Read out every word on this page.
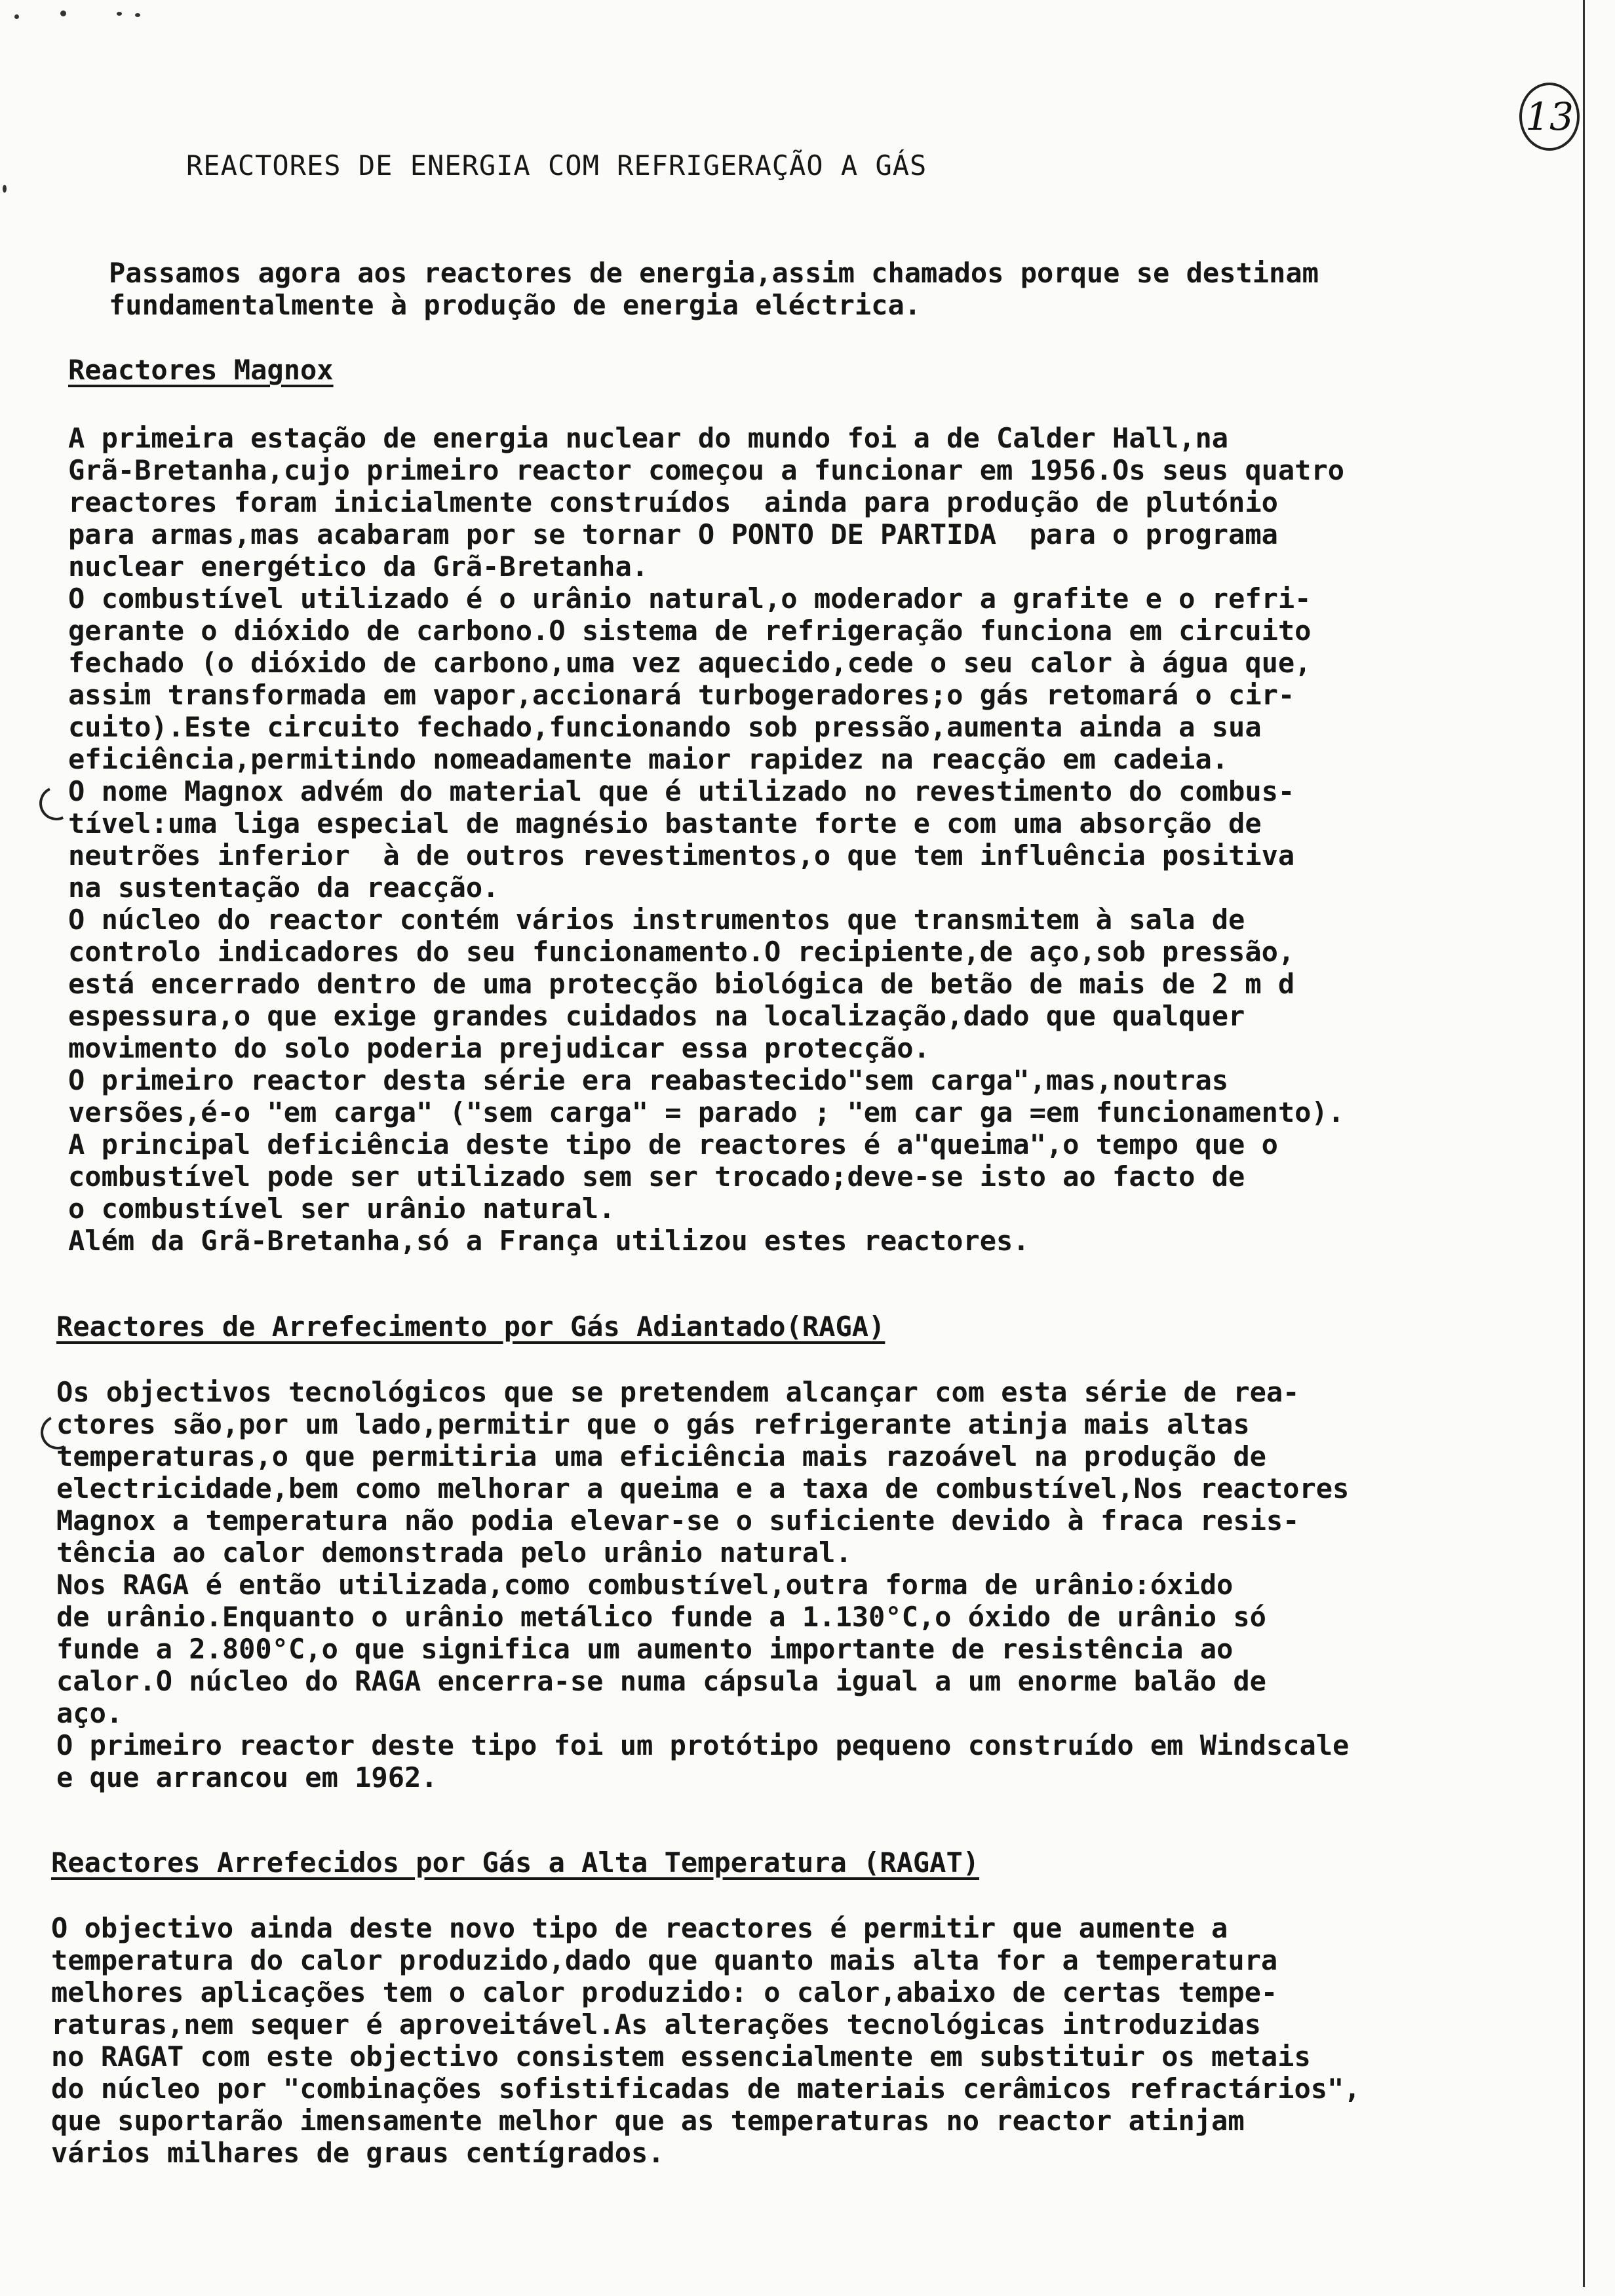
13
REACTORES DE ENERGIA COM REFRIGERAÇÃO A GÁS

Passamos agora aos reactores de energia,assim chamados porque se destinam
fundamentalmente à produção de energia eléctrica.

Reactores Magnox

A primeira estação de energia nuclear do mundo foi a de Calder Hall,na
Grã-Bretanha,cujo primeiro reactor começou a funcionar em 1956.Os seus quatro
reactores foram inicialmente construídos  ainda para produção de plutónio
para armas,mas acabaram por se tornar O PONTO DE PARTIDA  para o programa
nuclear energético da Grã-Bretanha.
O combustível utilizado é o urânio natural,o moderador a grafite e o refri-
gerante o dióxido de carbono.O sistema de refrigeração funciona em circuito
fechado (o dióxido de carbono,uma vez aquecido,cede o seu calor à água que,
assim transformada em vapor,accionará turbogeradores;o gás retomará o cir-
cuito).Este circuito fechado,funcionando sob pressão,aumenta ainda a sua
eficiência,permitindo nomeadamente maior rapidez na reacção em cadeia.
O nome Magnox advém do material que é utilizado no revestimento do combus-
tível:uma liga especial de magnésio bastante forte e com uma absorção de
neutrões inferior  à de outros revestimentos,o que tem influência positiva
na sustentação da reacção.
O núcleo do reactor contém vários instrumentos que transmitem à sala de
controlo indicadores do seu funcionamento.O recipiente,de aço,sob pressão,
está encerrado dentro de uma protecção biológica de betão de mais de 2 m d
espessura,o que exige grandes cuidados na localização,dado que qualquer
movimento do solo poderia prejudicar essa protecção.
O primeiro reactor desta série era reabastecido"sem carga",mas,noutras
versões,é-o "em carga" ("sem carga" = parado ; "em car ga =em funcionamento).
A principal deficiência deste tipo de reactores é a"queima",o tempo que o
combustível pode ser utilizado sem ser trocado;deve-se isto ao facto de
o combustível ser urânio natural.
Além da Grã-Bretanha,só a França utilizou estes reactores.

Reactores de Arrefecimento por Gás Adiantado(RAGA)

Os objectivos tecnológicos que se pretendem alcançar com esta série de rea-
ctores são,por um lado,permitir que o gás refrigerante atinja mais altas
temperaturas,o que permitiria uma eficiência mais razoável na produção de
electricidade,bem como melhorar a queima e a taxa de combustível,Nos reactores
Magnox a temperatura não podia elevar-se o suficiente devido à fraca resis-
tência ao calor demonstrada pelo urânio natural.
Nos RAGA é então utilizada,como combustível,outra forma de urânio:óxido
de urânio.Enquanto o urânio metálico funde a 1.130°C,o óxido de urânio só
funde a 2.800°C,o que significa um aumento importante de resistência ao
calor.O núcleo do RAGA encerra-se numa cápsula igual a um enorme balão de
aço.
O primeiro reactor deste tipo foi um protótipo pequeno construído em Windscale
e que arrancou em 1962.

Reactores Arrefecidos por Gás a Alta Temperatura (RAGAT)

O objectivo ainda deste novo tipo de reactores é permitir que aumente a
temperatura do calor produzido,dado que quanto mais alta for a temperatura
melhores aplicações tem o calor produzido: o calor,abaixo de certas tempe-
raturas,nem sequer é aproveitável.As alterações tecnológicas introduzidas
no RAGAT com este objectivo consistem essencialmente em substituir os metais
do núcleo por "combinações sofistificadas de materiais cerâmicos refractários",
que suportarão imensamente melhor que as temperaturas no reactor atinjam
vários milhares de graus centígrados.
